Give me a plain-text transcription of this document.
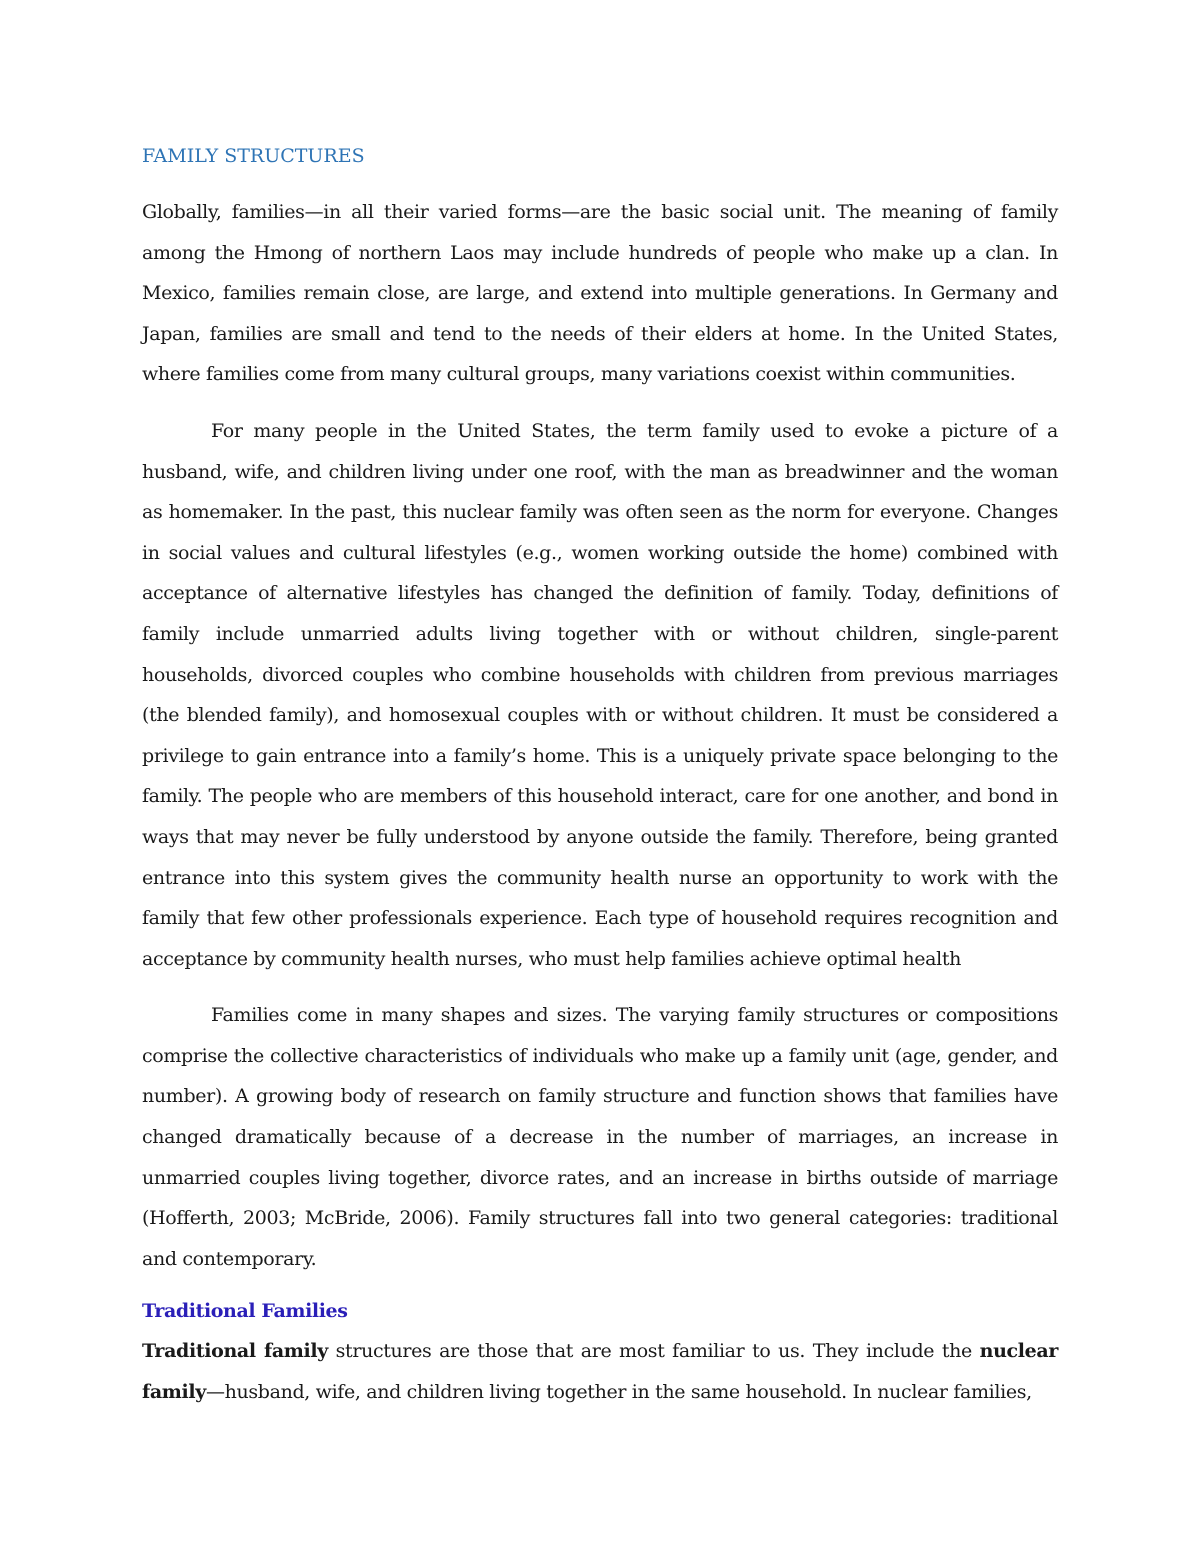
FAMILY STRUCTURES

Globally, families—in all their varied forms—are the basic social unit. The meaning of family among the Hmong of northern Laos may include hundreds of people who make up a clan. In Mexico, families remain close, are large, and extend into multiple generations. In Germany and Japan, families are small and tend to the needs of their elders at home. In the United States, where families come from many cultural groups, many variations coexist within communities.

For many people in the United States, the term family used to evoke a picture of a husband, wife, and children living under one roof, with the man as breadwinner and the woman as homemaker. In the past, this nuclear family was often seen as the norm for everyone. Changes in social values and cultural lifestyles (e.g., women working outside the home) combined with acceptance of alternative lifestyles has changed the definition of family. Today, definitions of family include unmarried adults living together with or without children, single-parent households, divorced couples who combine households with children from previous marriages (the blended family), and homosexual couples with or without children. It must be considered a privilege to gain entrance into a family’s home. This is a uniquely private space belonging to the family. The people who are members of this household interact, care for one another, and bond in ways that may never be fully understood by anyone outside the family. Therefore, being granted entrance into this system gives the community health nurse an opportunity to work with the family that few other professionals experience. Each type of household requires recognition and acceptance by community health nurses, who must help families achieve optimal health

Families come in many shapes and sizes. The varying family structures or compositions comprise the collective characteristics of individuals who make up a family unit (age, gender, and number). A growing body of research on family structure and function shows that families have changed dramatically because of a decrease in the number of marriages, an increase in unmarried couples living together, divorce rates, and an increase in births outside of marriage (Hofferth, 2003; McBride, 2006). Family structures fall into two general categories: traditional and contemporary.

Traditional Families

Traditional family structures are those that are most familiar to us. They include the nuclear family—husband, wife, and children living together in the same household. In nuclear families,
